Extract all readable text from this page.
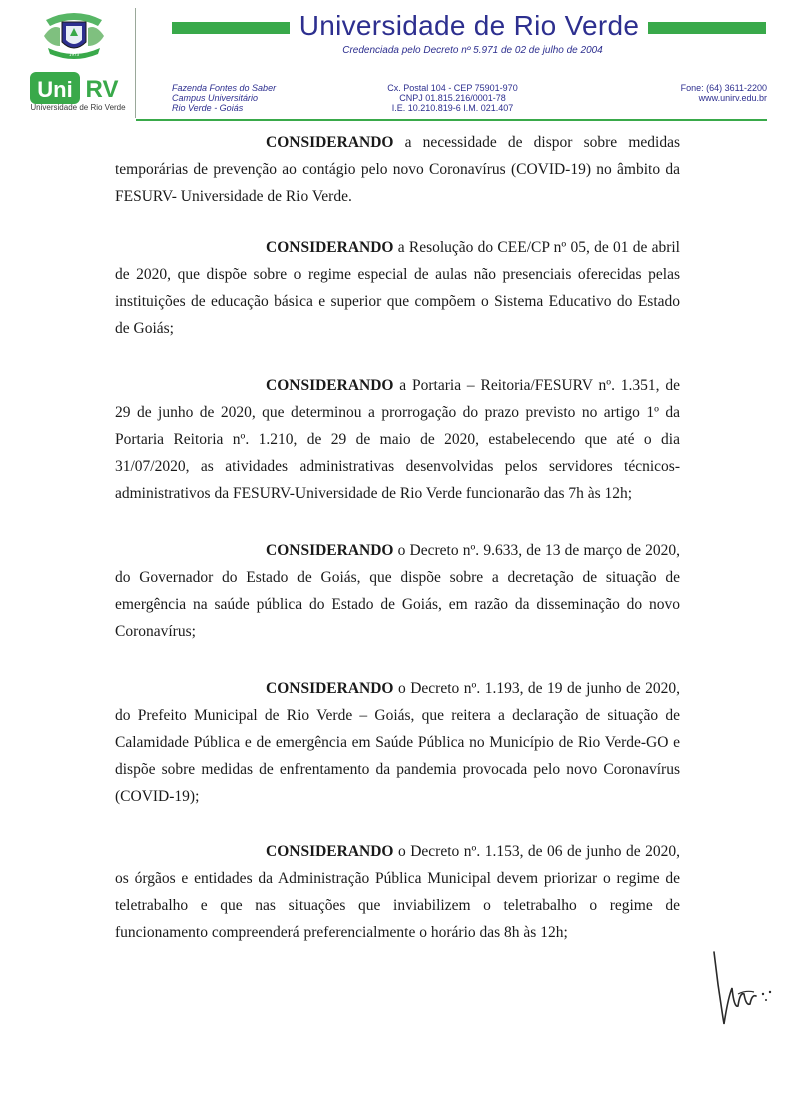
1973
Uni RV
Universidade de Rio Verde
Universidade de Rio Verde
Credenciada pelo Decreto nº 5.971 de 02 de julho de 2004
Fazenda Fontes do Saber
Campus Universitário
Rio Verde - Goiás
Cx. Postal 104 - CEP 75901-970
CNPJ 01.815.216/0001-78
I.E. 10.210.819-6 I.M. 021.407
Fone: (64) 3611-2200
www.unirv.edu.br

CONSIDERANDO a necessidade de dispor sobre medidas temporárias de prevenção ao contágio pelo novo Coronavírus (COVID-19) no âmbito da FESURV- Universidade de Rio Verde.

CONSIDERANDO a Resolução do CEE/CP nº 05, de 01 de abril de 2020, que dispõe sobre o regime especial de aulas não presenciais oferecidas pelas instituições de educação básica e superior que compõem o Sistema Educativo do Estado de Goiás;

CONSIDERANDO a Portaria – Reitoria/FESURV nº. 1.351, de 29 de junho de 2020, que determinou a prorrogação do prazo previsto no artigo 1º da Portaria Reitoria nº. 1.210, de 29 de maio de 2020, estabelecendo que até o dia 31/07/2020, as atividades administrativas desenvolvidas pelos servidores técnicos-administrativos da FESURV-Universidade de Rio Verde funcionarão das 7h às 12h;

CONSIDERANDO o Decreto nº. 9.633, de 13 de março de 2020, do Governador do Estado de Goiás, que dispõe sobre a decretação de situação de emergência na saúde pública do Estado de Goiás, em razão da disseminação do novo Coronavírus;

CONSIDERANDO o Decreto nº. 1.193, de 19 de junho de 2020, do Prefeito Municipal de Rio Verde – Goiás, que reitera a declaração de situação de Calamidade Pública e de emergência em Saúde Pública no Município de Rio Verde-GO e dispõe sobre medidas de enfrentamento da pandemia provocada pelo novo Coronavírus (COVID-19);

CONSIDERANDO o Decreto nº. 1.153, de 06 de junho de 2020, os órgãos e entidades da Administração Pública Municipal devem priorizar o regime de teletrabalho e que nas situações que inviabilizem o teletrabalho o regime de funcionamento compreenderá preferencialmente o horário das 8h às 12h;
